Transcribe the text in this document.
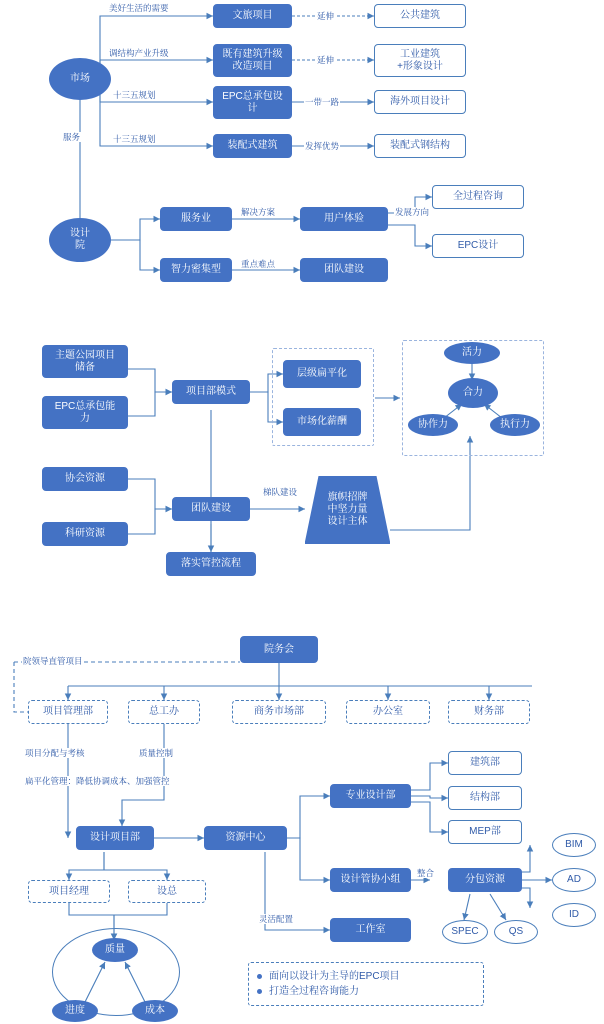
市场
设计
院
文旅项目	公共建筑
既有建筑升级
改造项目
工业建筑
+形象设计
EPC总承包设
计
海外项目设计
装配式建筑	装配式钢结构
服务业	用户体验
全过程咨询
EPC设计
智力密集型	团队建设
美好生活的需要
调结构产业升级
十三五规划
十三五规划
服务
延伸
延伸
一带一路
发挥优势
解决方案	发展方向
重点难点
主题公园项目
储备
EPC总承包能
力
项目部模式
层级扁平化
市场化薪酬
活力
合力
协作力	执行力
协会资源
科研资源
团队建设
落实管控流程
梯队建设	旗帜招牌
中坚力量
设计主体
院务会
项目管理部	总工办	商务市场部	办公室	财务部
院领导直管项目
项目分配与考核	质量控制
扁平化管理：降低协调成本、加强管控
设计项目部	资源中心
专业设计部
设计管协小组
建筑部
结构部
MEP部
分包资源
整合
BIM
AD
ID
SPEC	QS
工作室
灵活配置
项目经理	设总
质量
进度	成本
面向以设计为主导的EPC项目
打造全过程咨询能力
